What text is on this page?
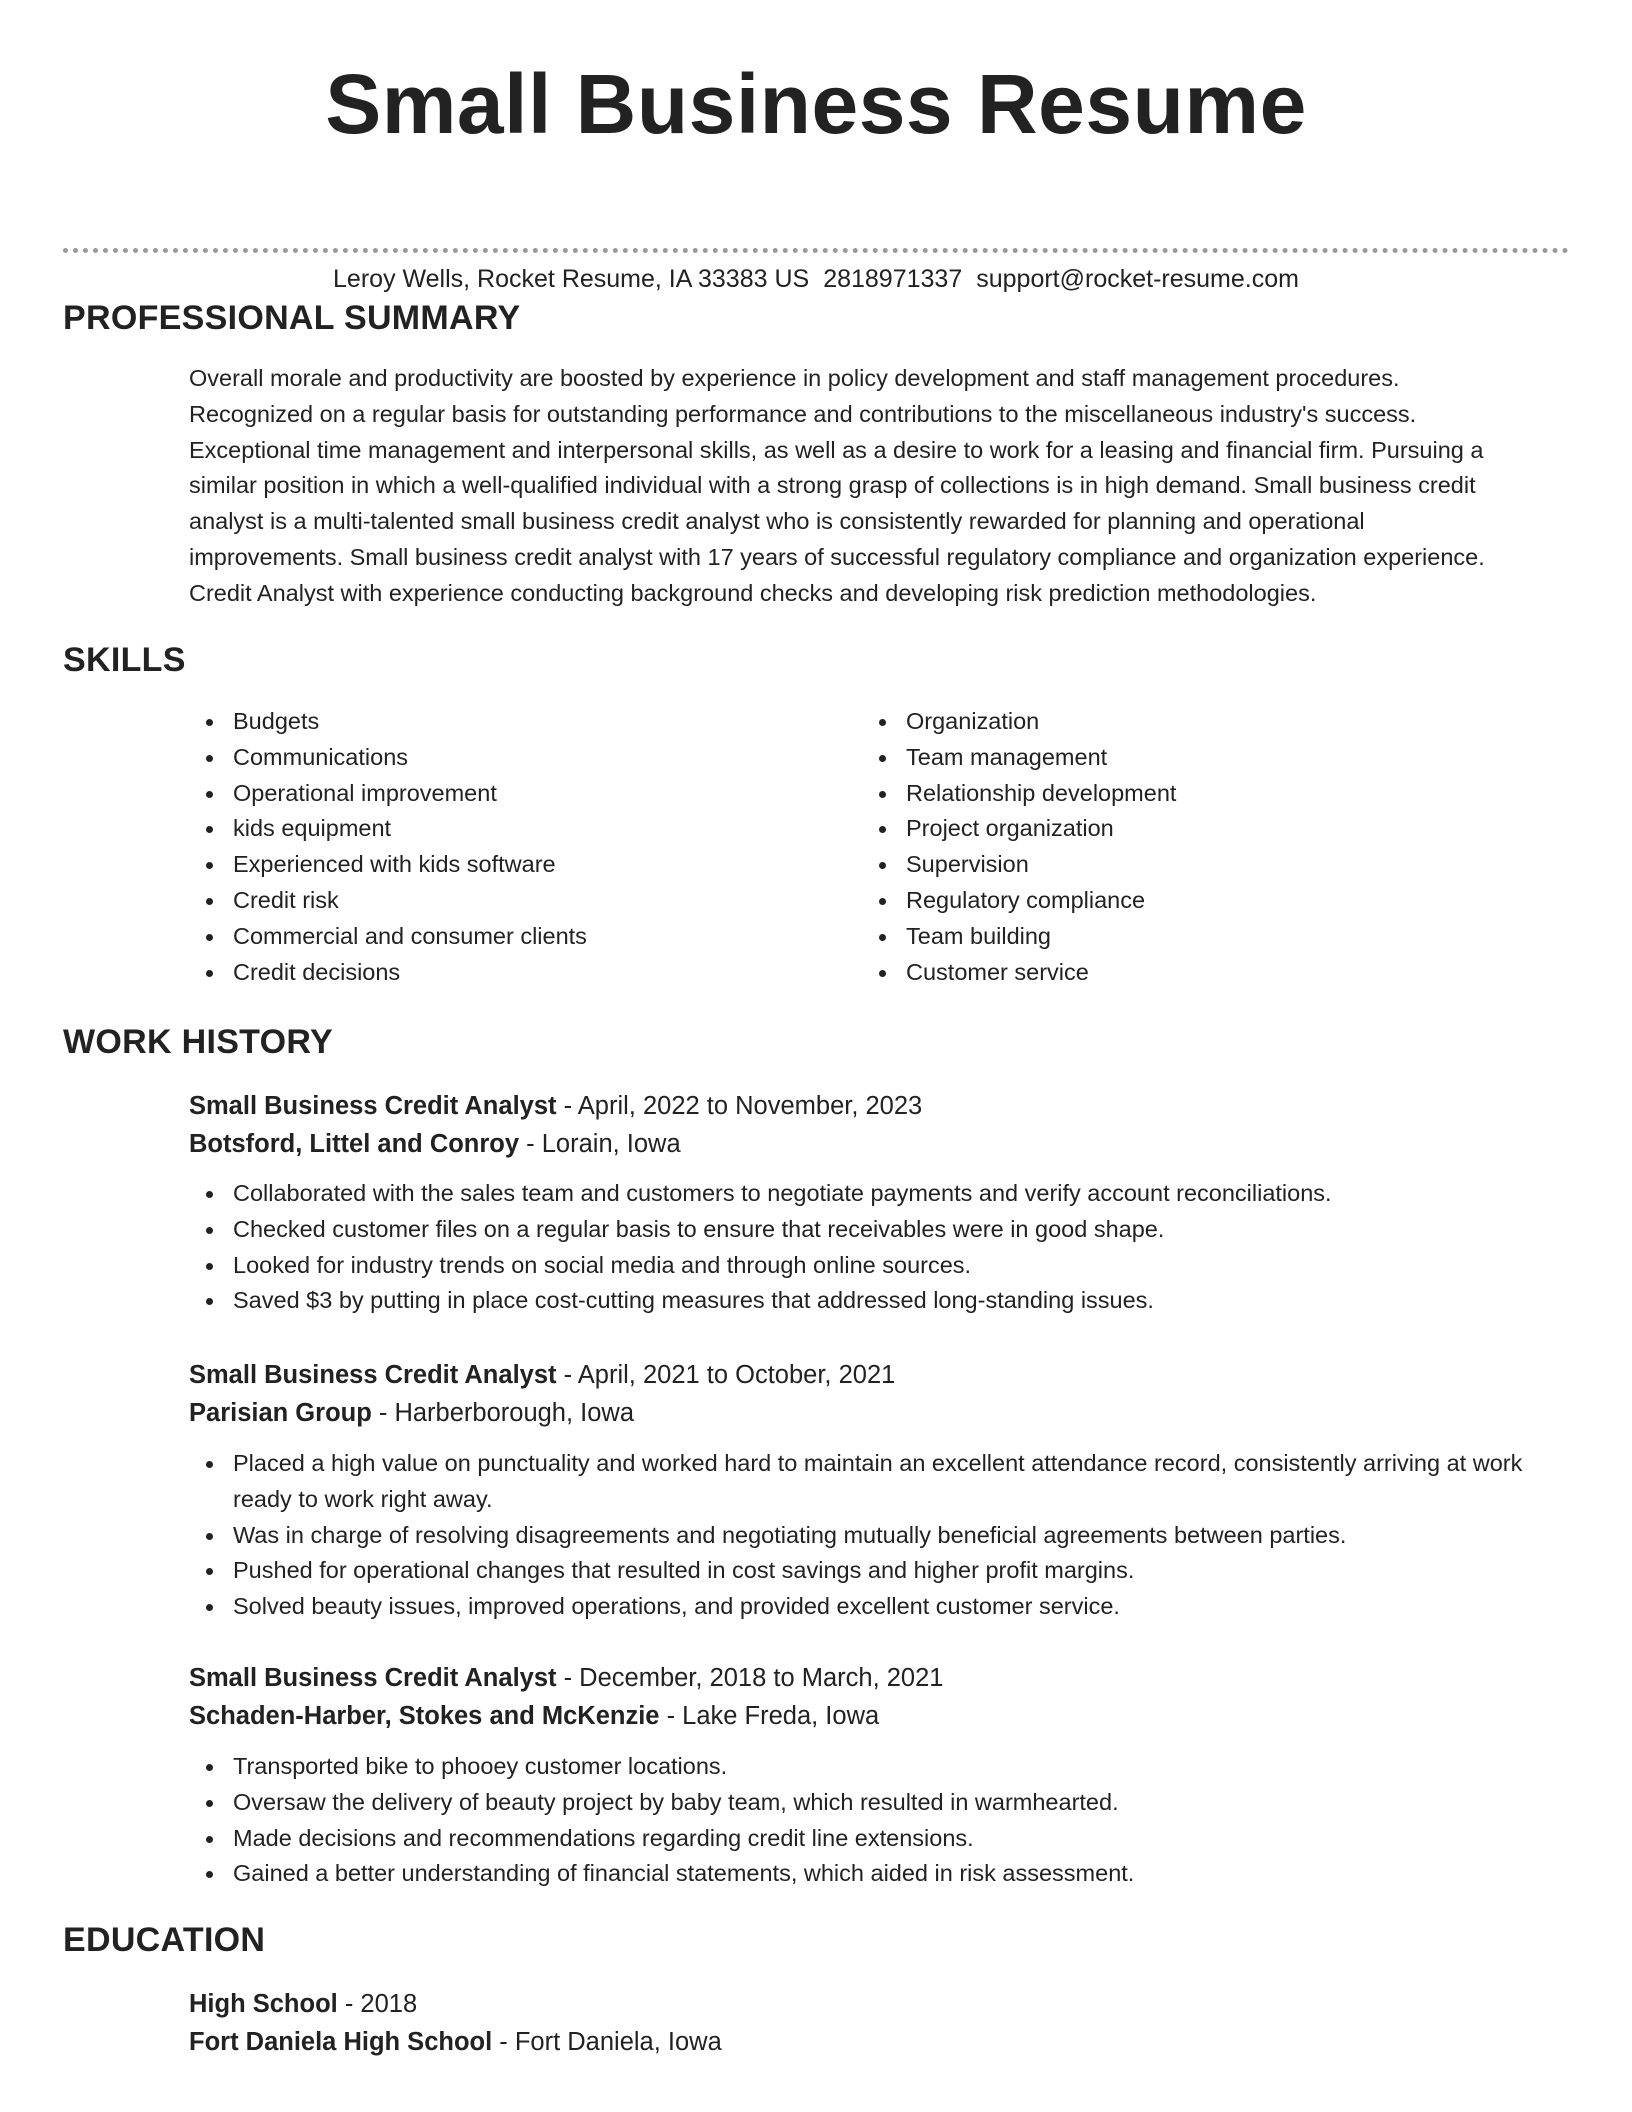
Small Business Resume
Leroy Wells, Rocket Resume, IA 33383 US 2818971337 support@rocket-resume.com
PROFESSIONAL SUMMARY

Overall morale and productivity are boosted by experience in policy development and staff management procedures.
Recognized on a regular basis for outstanding performance and contributions to the miscellaneous industry's success.
Exceptional time management and interpersonal skills, as well as a desire to work for a leasing and financial firm. Pursuing a
similar position in which a well-qualified individual with a strong grasp of collections is in high demand. Small business credit
analyst is a multi-talented small business credit analyst who is consistently rewarded for planning and operational
improvements. Small business credit analyst with 17 years of successful regulatory compliance and organization experience.
Credit Analyst with experience conducting background checks and developing risk prediction methodologies.

SKILLS
Budgets
Communications
Operational improvement
kids equipment
Experienced with kids software
Credit risk
Commercial and consumer clients
Credit decisions
Organization
Team management
Relationship development
Project organization
Supervision
Regulatory compliance
Team building
Customer service
WORK HISTORY

Small Business Credit Analyst - April, 2022 to November, 2023

Botsford, Littel and Conroy - Lorain, Iowa

Collaborated with the sales team and customers to negotiate payments and verify account reconciliations.
Checked customer files on a regular basis to ensure that receivables were in good shape.
Looked for industry trends on social media and through online sources.
Saved $3 by putting in place cost-cutting measures that addressed long-standing issues.

Small Business Credit Analyst - April, 2021 to October, 2021

Parisian Group - Harberborough, Iowa

Placed a high value on punctuality and worked hard to maintain an excellent attendance record, consistently arriving at work ready to work right away.
Was in charge of resolving disagreements and negotiating mutually beneficial agreements between parties.
Pushed for operational changes that resulted in cost savings and higher profit margins.
Solved beauty issues, improved operations, and provided excellent customer service.

Small Business Credit Analyst - December, 2018 to March, 2021

Schaden-Harber, Stokes and McKenzie - Lake Freda, Iowa

Transported bike to phooey customer locations.
Oversaw the delivery of beauty project by baby team, which resulted in warmhearted.
Made decisions and recommendations regarding credit line extensions.
Gained a better understanding of financial statements, which aided in risk assessment.
EDUCATION

High School - 2018

Fort Daniela High School - Fort Daniela, Iowa
